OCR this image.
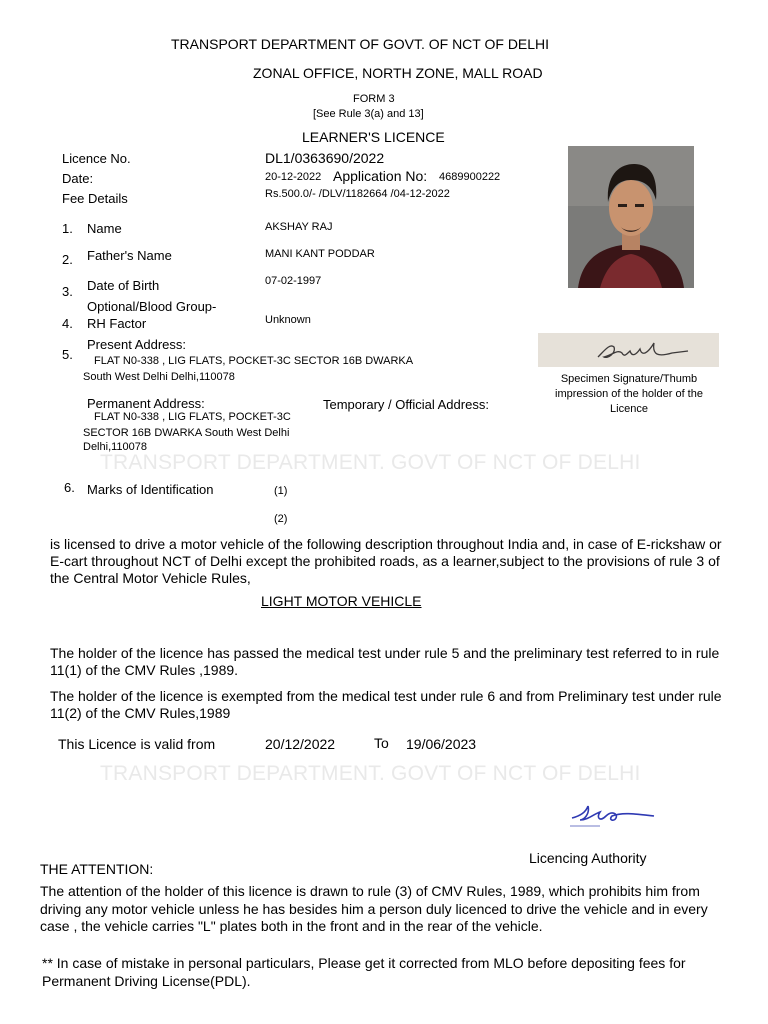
TRANSPORT DEPARTMENT OF GOVT. OF NCT OF DELHI
ZONAL OFFICE, NORTH ZONE, MALL ROAD
FORM 3
[See Rule 3(a) and 13]
LEARNER'S LICENCE
Licence No.	DL1/0363690/2022
Date:	20-12-2022 Application No: 4689900222
Fee Details	Rs.500.0/- /DLV/1182664 /04-12-2022
1. Name	AKSHAY RAJ
2. Father's Name	MANI KANT PODDAR
3. Date of Birth	07-02-1997
4.
Optional/Blood Group-
RH Factor	Unknown
5.
Present Address:
FLAT N0-338 , LIG FLATS, POCKET-3C SECTOR 16B DWARKA
South West Delhi Delhi,110078	Specimen Signature/Thumb impression of the holder of the Licence
Permanent Address:	Temporary / Official Address:
FLAT N0-338 , LIG FLATS, POCKET-3C
SECTOR 16B DWARKA South West Delhi
Delhi,110078
TRANSPORT DEPARTMENT. GOVT OF NCT OF DELHI
6. Marks of Identification	(1)
(2)
is licensed to drive a motor vehicle of the following description throughout India and, in case of E-rickshaw or E-cart throughout NCT of Delhi except the prohibited roads, as a learner,subject to the provisions of rule 3 of the Central Motor Vehicle Rules,
LIGHT MOTOR VEHICLE
The holder of the licence has passed the medical test under rule 5 and the preliminary test referred to in rule 11(1) of the CMV Rules ,1989.
The holder of the licence is exempted from the medical test under rule 6 and from Preliminary test under rule 11(2) of the CMV Rules,1989
This Licence is valid from	20/12/2022	To 19/06/2023
TRANSPORT DEPARTMENT. GOVT OF NCT OF DELHI
Licencing Authority
THE ATTENTION:
The attention of the holder of this licence is drawn to rule (3) of CMV Rules, 1989, which prohibits him from driving any motor vehicle unless he has besides him a person duly licenced to drive the vehicle and in every case , the vehicle carries "L" plates both in the front and in the rear of the vehicle.
** In case of mistake in personal particulars, Please get it corrected from MLO before depositing fees for Permanent Driving License(PDL).
